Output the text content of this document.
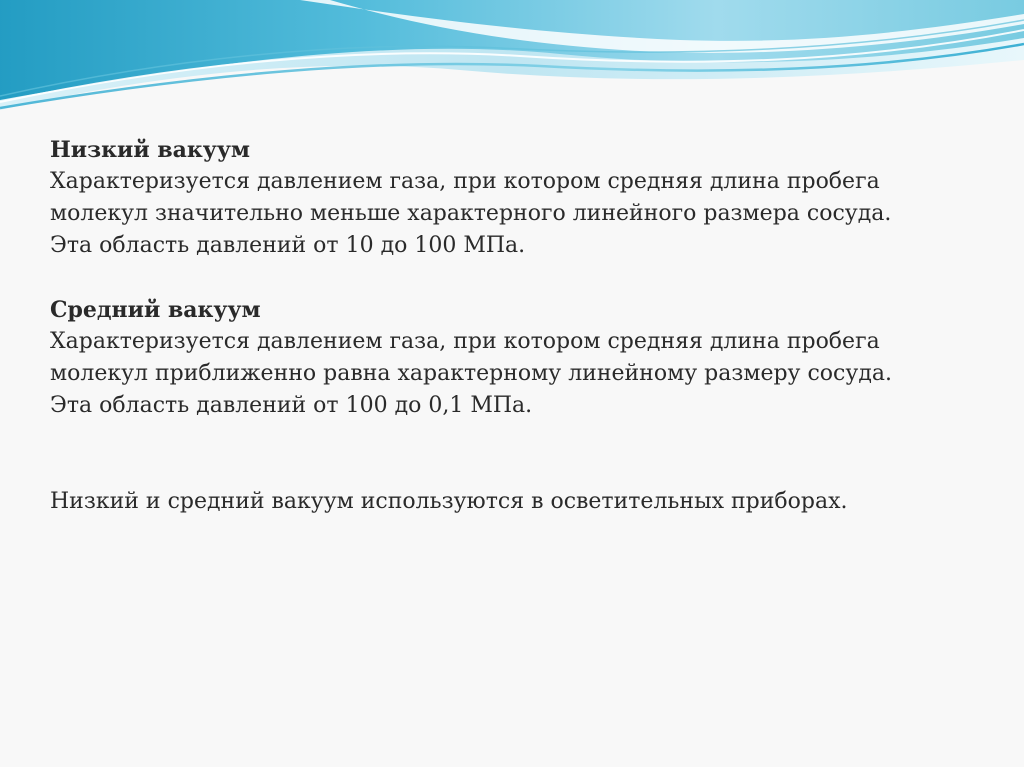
Низкий вакуум
Характеризуется давлением газа, при котором средняя длина пробега
молекул значительно меньше характерного линейного размера сосуда.
Эта область давлений от 10 до 100 МПа.
Средний вакуум
Характеризуется давлением газа, при котором средняя длина пробега
молекул приближенно равна характерному линейному размеру сосуда.
Эта область давлений от 100 до 0,1 МПа.
Низкий и средний вакуум используются в осветительных приборах.
